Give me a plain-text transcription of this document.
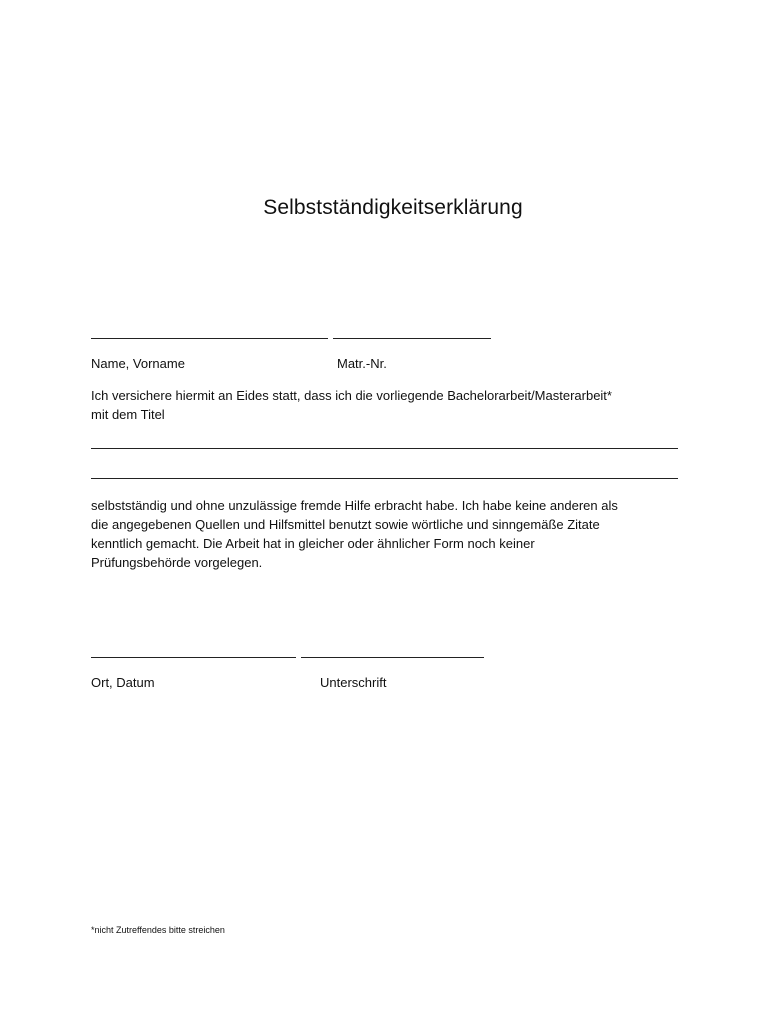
Selbstständigkeitserklärung
Name, Vorname	Matr.-Nr.

Ich versichere hiermit an Eides statt, dass ich die vorliegende Bachelorarbeit/Masterarbeit*
mit dem Titel

selbstständig und ohne unzulässige fremde Hilfe erbracht habe. Ich habe keine anderen als
die angegebenen Quellen und Hilfsmittel benutzt sowie wörtliche und sinngemäße Zitate
kenntlich gemacht. Die Arbeit hat in gleicher oder ähnlicher Form noch keiner
Prüfungsbehörde vorgelegen.

Ort, Datum	Unterschrift
*nicht Zutreffendes bitte streichen
